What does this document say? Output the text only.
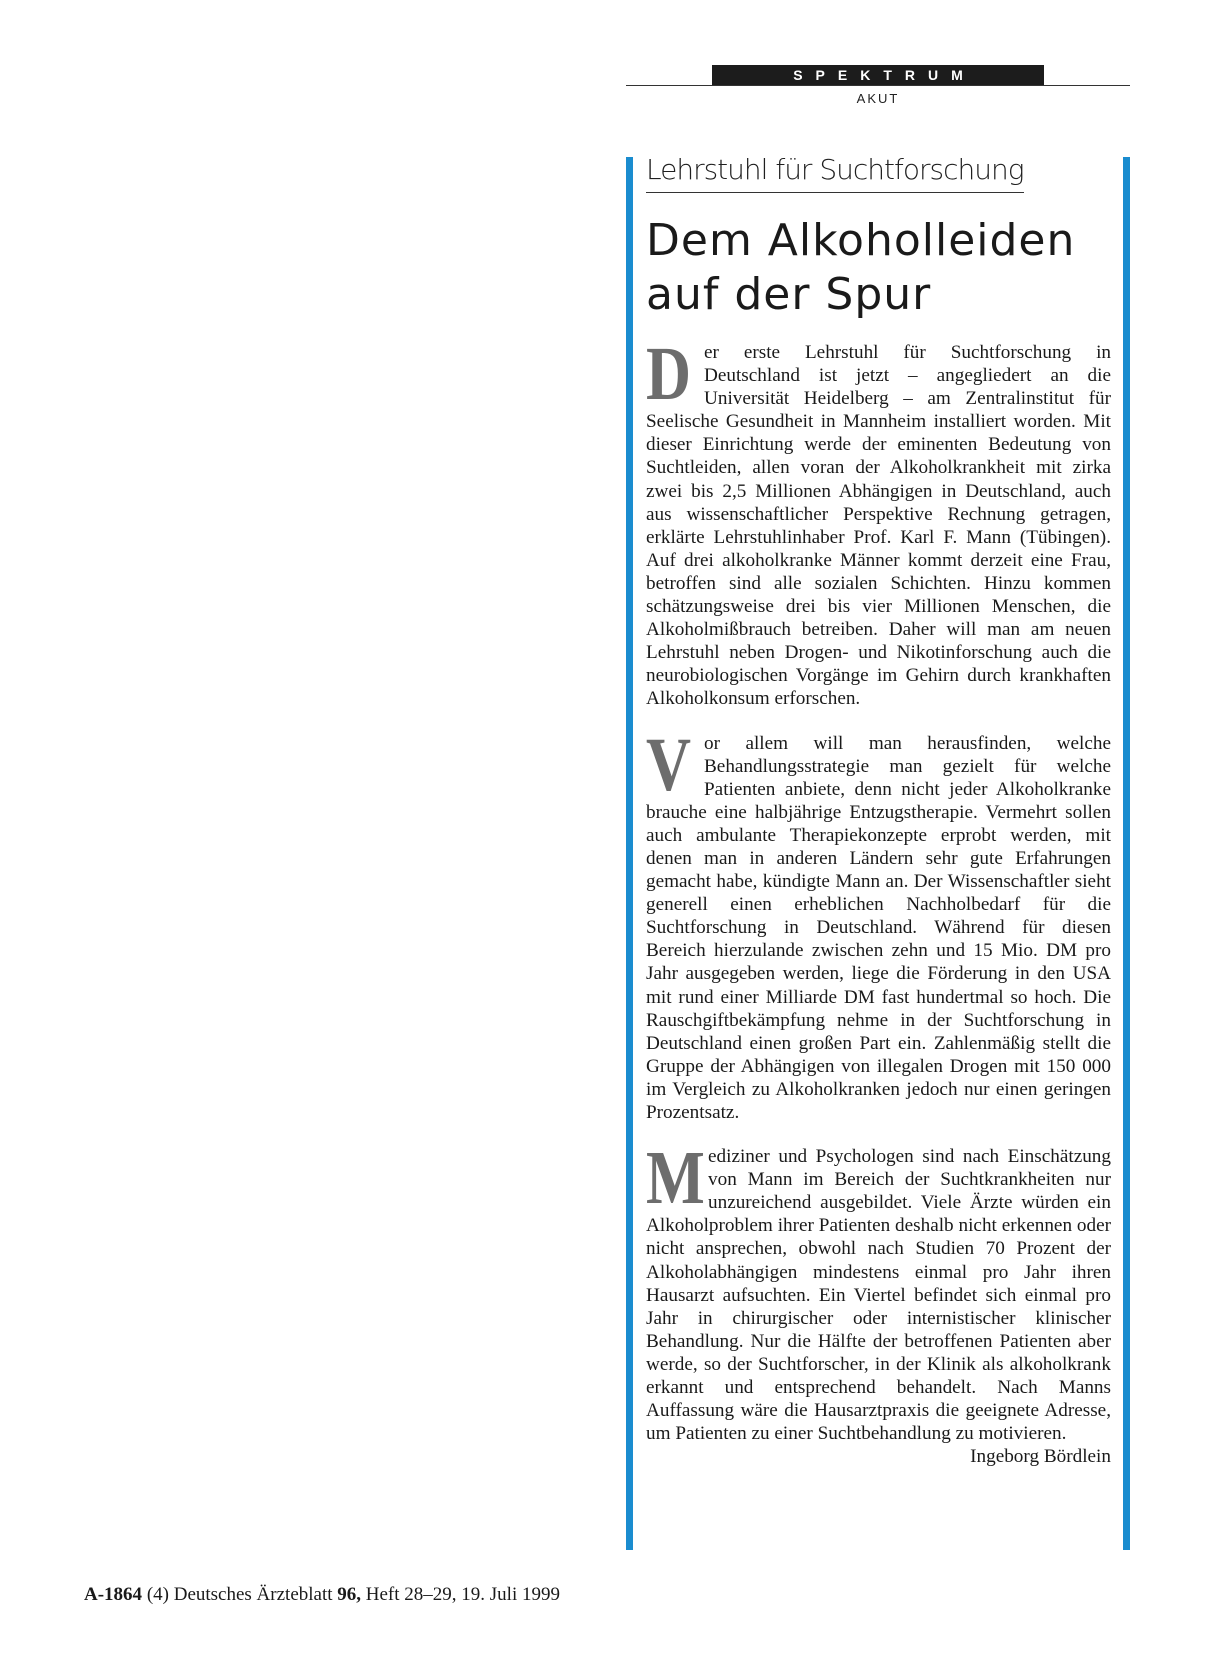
SPEKTRUM
AKUT
Lehrstuhl für Suchtforschung
Dem Alkoholleiden
auf der Spur

Der erste Lehrstuhl für Suchtforschung in Deutschland ist jetzt – angegliedert an die Universität Heidelberg – am Zentralinstitut für Seelische Gesundheit in Mannheim installiert worden. Mit dieser Einrichtung werde der eminenten Bedeutung von Suchtleiden, allen voran der Alkoholkrankheit mit zirka zwei bis 2,5 Millionen Abhängigen in Deutschland, auch aus wissenschaftlicher Perspektive Rechnung getragen, erklärte Lehrstuhlinhaber Prof. Karl F. Mann (Tübingen). Auf drei alkoholkranke Männer kommt derzeit eine Frau, betroffen sind alle sozialen Schichten. Hinzu kommen schätzungsweise drei bis vier Millionen Menschen, die Alkoholmißbrauch betreiben. Daher will man am neuen Lehrstuhl neben Drogen- und Nikotinforschung auch die neurobiologischen Vorgänge im Gehirn durch krankhaften Alkoholkonsum erforschen.

Vor allem will man herausfinden, welche Behandlungsstrategie man gezielt für welche Patienten anbiete, denn nicht jeder Alkoholkranke brauche eine halbjährige Entzugstherapie. Vermehrt sollen auch ambulante Therapiekonzepte erprobt werden, mit denen man in anderen Ländern sehr gute Erfahrungen gemacht habe, kündigte Mann an. Der Wissenschaftler sieht generell einen erheblichen Nachholbedarf für die Suchtforschung in Deutschland. Während für diesen Bereich hierzulande zwischen zehn und 15 Mio. DM pro Jahr ausgegeben werden, liege die Förderung in den USA mit rund einer Milliarde DM fast hundertmal so hoch. Die Rauschgiftbekämpfung nehme in der Suchtforschung in Deutschland einen großen Part ein. Zahlenmäßig stellt die Gruppe der Abhängigen von illegalen Drogen mit 150 000 im Vergleich zu Alkoholkranken jedoch nur einen geringen Prozentsatz.

Mediziner und Psychologen sind nach Einschätzung von Mann im Bereich der Suchtkrankheiten nur unzureichend ausgebildet. Viele Ärzte würden ein Alkoholproblem ihrer Patienten deshalb nicht erkennen oder nicht ansprechen, obwohl nach Studien 70 Prozent der Alkoholabhängigen mindestens einmal pro Jahr ihren Hausarzt aufsuchten. Ein Viertel befindet sich einmal pro Jahr in chirurgischer oder internistischer klinischer Behandlung. Nur die Hälfte der betroffenen Patienten aber werde, so der Suchtforscher, in der Klinik als alkoholkrank erkannt und entsprechend behandelt. Nach Manns Auffassung wäre die Hausarztpraxis die geeignete Adresse, um Patienten zu einer Suchtbehandlung zu motivieren.
Ingeborg Bördlein

A-1864 (4) Deutsches Ärzteblatt 96, Heft 28–29, 19. Juli 1999
